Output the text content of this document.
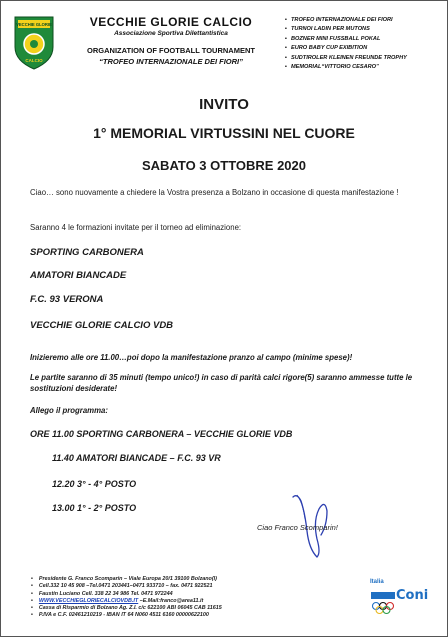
VECCHIE GLORIE
CALCIO
VECCHIE GLORIE CALCIO
Associazione Sportiva Dilettantistica
ORGANIZATION OF FOOTBALL TOURNAMENT
“TROFEO INTERNAZIONALE DEI FIORI”
▪ TROFEO INTERNAZIONALE DEI FIORI
▪ TURNOI LADIN PER MUTONS
▪ BOZNER MINI FUSSBALL POKAL
▪ EURO BABY CUP EXIBITION
▪ SUDTIROLER KLEINEN FREUNDE TROPHY
▪ MEMORIAL“VITTORIO CESARO”
INVITO
1° MEMORIAL VIRTUSSINI NEL CUORE
SABATO 3 OTTOBRE 2020
Ciao… sono nuovamente a chiedere la Vostra presenza a Bolzano in occasione di questa manifestazione !
Saranno 4 le formazioni invitate per il torneo ad eliminazione:
SPORTING CARBONERA
AMATORI BIANCADE
F.C. 93 VERONA
VECCHIE GLORIE CALCIO VDB
Inizieremo alle ore 11.00…poi dopo la manifestazione pranzo al campo (minime spese)!
Le partite saranno di 35 minuti (tempo unico!) in caso di parità calci rigore(5) saranno ammesse tutte le sostituzioni desiderate!
Allego il programma:
ORE 11.00 SPORTING CARBONERA – VECCHIE GLORIE VDB
11.40 AMATORI BIANCADE – F.C. 93 VR
12.20 3° - 4° POSTO
13.00 1° - 2° POSTO
Ciao Franco Scomparin!
• Presidente G. Franco Scomparin – Viale Europa 20/1 39100 Bolzano(I)
• Cell.332 10 45 908 –Tel.0471 203441–0471 933710 – fax. 0471 922521
• Faustin Luciano Cell. 338 22 34 986 Tel. 0471 972244
• WWW.VECCHIEGLORIECALCIOVDB.IT –E.Mail:franco@area11.it
• Cassa di Risparmio di Bolzano Ag. Z.I. c/c 622100 ABI 06045 CAB 11615
• P.IVA e C.F. 02461210219 - IBAN IT 64 N060 4511 6160 00000622100
Italia
Coni
